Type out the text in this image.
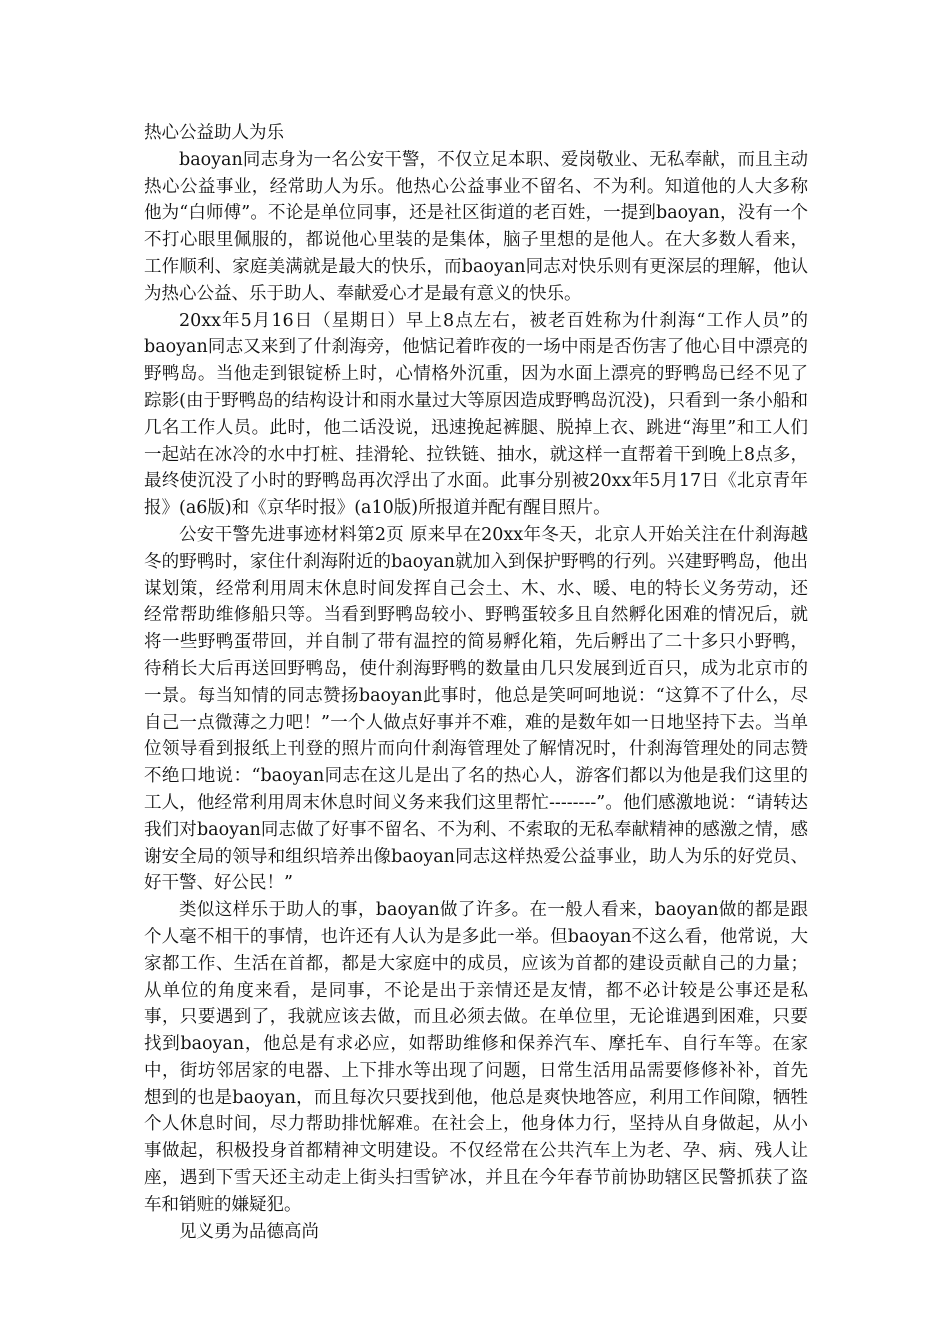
热心公益助人为乐

baoyan同志身为一名公安干警，不仅立足本职、爱岗敬业、无私奉献，而且主动热心公益事业，经常助人为乐。他热心公益事业不留名、不为利。知道他的人大多称他为“白师傅”。不论是单位同事，还是社区街道的老百姓，一提到baoyan，没有一个不打心眼里佩服的，都说他心里装的是集体，脑子里想的是他人。在大多数人看来，工作顺利、家庭美满就是最大的快乐，而baoyan同志对快乐则有更深层的理解，他认为热心公益、乐于助人、奉献爱心才是最有意义的快乐。

20xx年5月16日（星期日）早上8点左右，被老百姓称为什刹海“工作人员”的baoyan同志又来到了什刹海旁，他惦记着昨夜的一场中雨是否伤害了他心目中漂亮的野鸭岛。当他走到银锭桥上时，心情格外沉重，因为水面上漂亮的野鸭岛已经不见了踪影(由于野鸭岛的结构设计和雨水量过大等原因造成野鸭岛沉没)，只看到一条小船和几名工作人员。此时，他二话没说，迅速挽起裤腿、脱掉上衣、跳进“海里”和工人们一起站在冰冷的水中打桩、挂滑轮、拉铁链、抽水，就这样一直帮着干到晚上8点多，最终使沉没了小时的野鸭岛再次浮出了水面。此事分别被20xx年5月17日《北京青年报》(a6版)和《京华时报》(a10版)所报道并配有醒目照片。

公安干警先进事迹材料第2页 原来早在20xx年冬天，北京人开始关注在什刹海越冬的野鸭时，家住什刹海附近的baoyan就加入到保护野鸭的行列。兴建野鸭岛，他出谋划策，经常利用周末休息时间发挥自己会土、木、水、暖、电的特长义务劳动，还经常帮助维修船只等。当看到野鸭岛较小、野鸭蛋较多且自然孵化困难的情况后，就将一些野鸭蛋带回，并自制了带有温控的简易孵化箱，先后孵出了二十多只小野鸭，待稍长大后再送回野鸭岛，使什刹海野鸭的数量由几只发展到近百只，成为北京市的一景。每当知情的同志赞扬baoyan此事时，他总是笑呵呵地说：“这算不了什么，尽自己一点微薄之力吧！”一个人做点好事并不难，难的是数年如一日地坚持下去。当单位领导看到报纸上刊登的照片而向什刹海管理处了解情况时，什刹海管理处的同志赞不绝口地说：“baoyan同志在这儿是出了名的热心人，游客们都以为他是我们这里的工人，他经常利用周末休息时间义务来我们这里帮忙--------”。他们感激地说：“请转达我们对baoyan同志做了好事不留名、不为利、不索取的无私奉献精神的感激之情，感谢安全局的领导和组织培养出像baoyan同志这样热爱公益事业，助人为乐的好党员、好干警、好公民！”

类似这样乐于助人的事，baoyan做了许多。在一般人看来，baoyan做的都是跟个人毫不相干的事情，也许还有人认为是多此一举。但baoyan不这么看，他常说，大家都工作、生活在首都，都是大家庭中的成员，应该为首都的建设贡献自己的力量；从单位的角度来看，是同事，不论是出于亲情还是友情，都不必计较是公事还是私事，只要遇到了，我就应该去做，而且必须去做。在单位里，无论谁遇到困难，只要找到baoyan，他总是有求必应，如帮助维修和保养汽车、摩托车、自行车等。在家中，街坊邻居家的电器、上下排水等出现了问题，日常生活用品需要修修补补，首先想到的也是baoyan，而且每次只要找到他，他总是爽快地答应，利用工作间隙，牺牲个人休息时间，尽力帮助排忧解难。在社会上，他身体力行，坚持从自身做起，从小事做起，积极投身首都精神文明建设。不仅经常在公共汽车上为老、孕、病、残人让座，遇到下雪天还主动走上街头扫雪铲冰，并且在今年春节前协助辖区民警抓获了盗车和销赃的嫌疑犯。

见义勇为品德高尚
